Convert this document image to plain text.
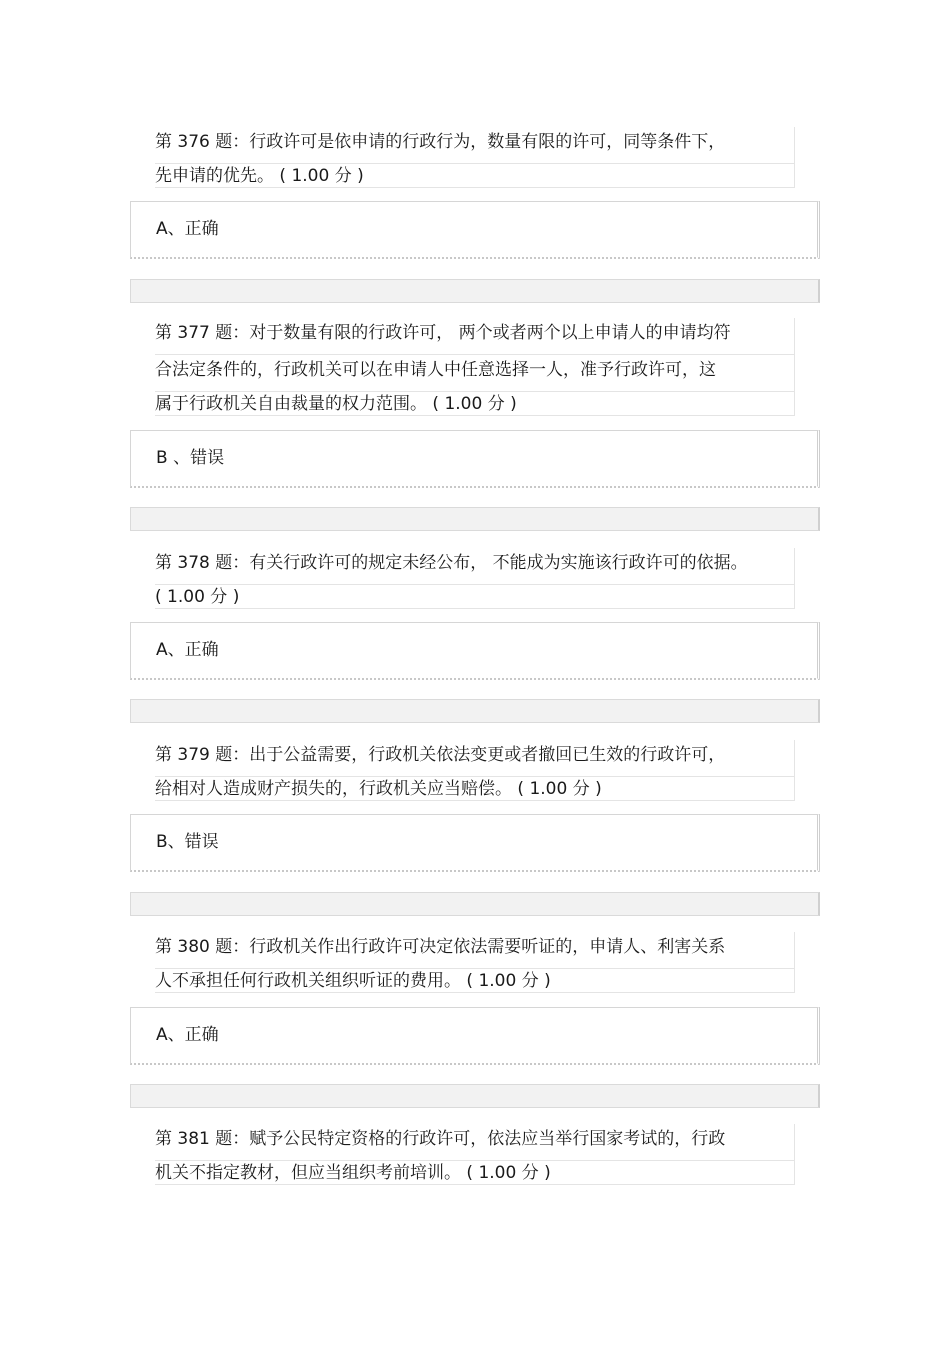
第 376 题：行政许可是依申请的行政行为，数量有限的许可，同等条件下，
先申请的优先。 ( 1.00 分 )
A、正确
第 377 题：对于数量有限的行政许可， 两个或者两个以上申请人的申请均符
合法定条件的，行政机关可以在申请人中任意选择一人，准予行政许可，这
属于行政机关自由裁量的权力范围。 ( 1.00 分 )
B 、错误
第 378 题：有关行政许可的规定未经公布， 不能成为实施该行政许可的依据。
( 1.00 分 )
A、正确
第 379 题：出于公益需要，行政机关依法变更或者撤回已生效的行政许可，
给相对人造成财产损失的，行政机关应当赔偿。 ( 1.00 分 )
B、错误
第 380 题：行政机关作出行政许可决定依法需要听证的，申请人、利害关系
人不承担任何行政机关组织听证的费用。 ( 1.00 分 )
A、正确
第 381 题：赋予公民特定资格的行政许可，依法应当举行国家考试的，行政
机关不指定教材，但应当组织考前培训。 ( 1.00 分 )
